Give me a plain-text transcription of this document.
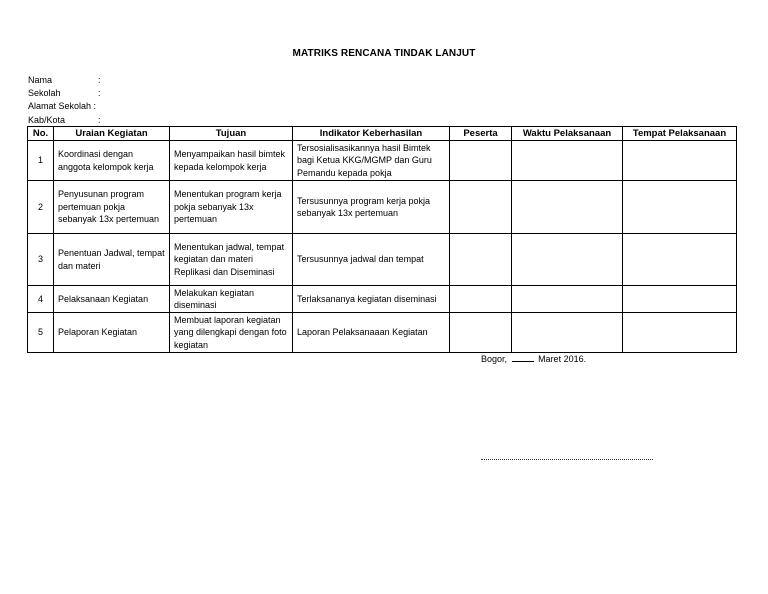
MATRIKS RENCANA TINDAK LANJUT
Nama	:
Sekolah	:
Alamat Sekolah :
Kab/Kota	:
No.	Uraian Kegiatan	Tujuan	Indikator Keberhasilan	Peserta	Waktu Pelaksanaan	Tempat Pelaksanaan
1	Koordinasi dengan anggota kelompok kerja	Menyampaikan hasil bimtek kepada kelompok kerja	Tersosialisasikannya hasil Bimtek bagi Ketua KKG/MGMP dan Guru Pemandu kepada pokja			
2	Penyusunan program pertemuan pokja sebanyak 13x pertemuan	Menentukan program kerja pokja sebanyak 13x pertemuan	Tersusunnya program kerja pokja sebanyak 13x pertemuan			
3	Penentuan Jadwal, tempat dan materi	Menentukan jadwal, tempat kegiatan dan materi Replikasi dan Diseminasi	Tersusunnya jadwal dan tempat			
4	Pelaksanaan Kegiatan	Melakukan kegiatan diseminasi	Terlaksananya kegiatan diseminasi			
5	Pelaporan Kegiatan	Membuat laporan kegiatan yang dilengkapi dengan foto kegiatan	Laporan Pelaksanaaan Kegiatan			
Bogor,	Maret 2016.
